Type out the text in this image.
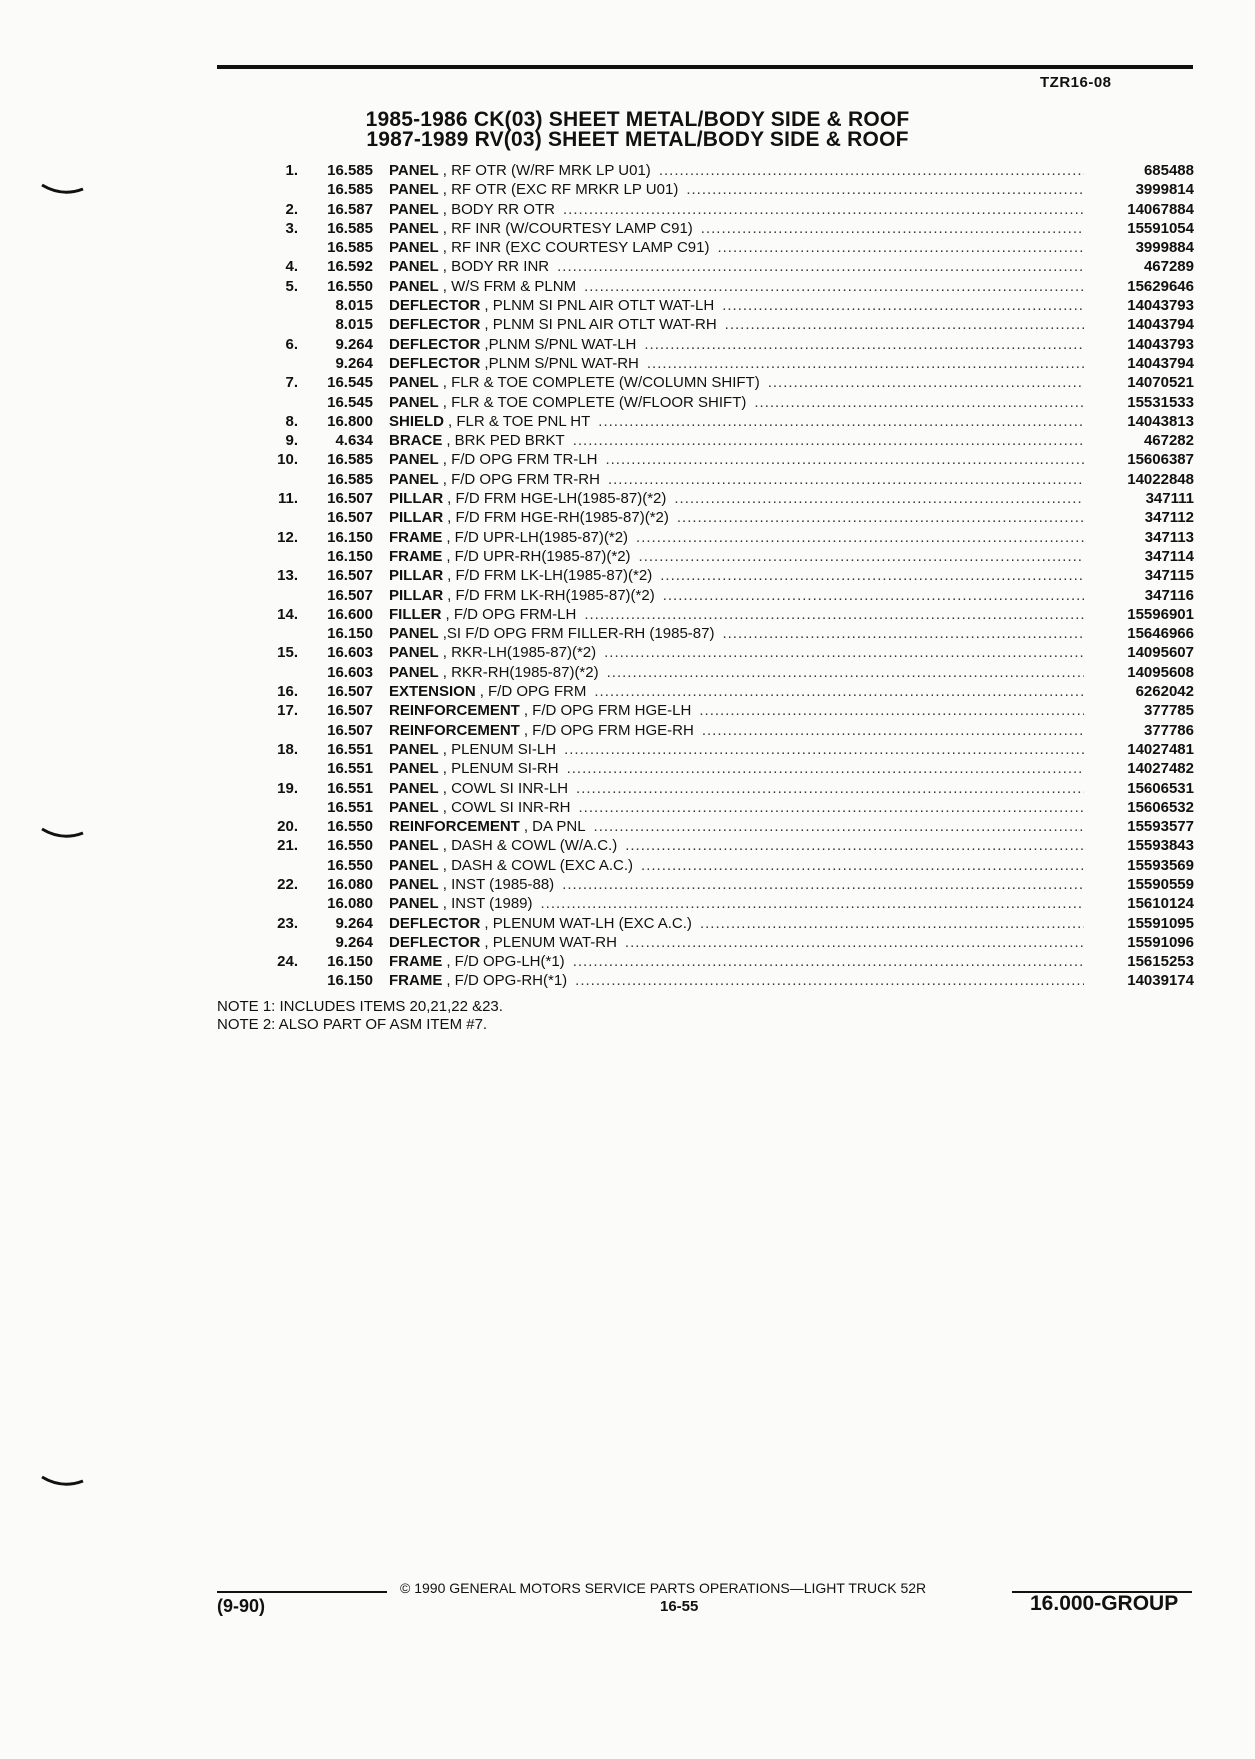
TZR16-08
1985-1986 CK(03) SHEET METAL/BODY SIDE & ROOF
1987-1989 RV(03) SHEET METAL/BODY SIDE & ROOF
1. 16.585 PANEL , RF OTR (W/RF MRK LP U01) .....	685488
16.585 PANEL , RF OTR (EXC RF MRKR LP U01) .....	3999814
2. 16.587 PANEL , BODY RR OTR .....	14067884
3. 16.585 PANEL , RF INR (W/COURTESY LAMP C91) .....	15591054
16.585 PANEL , RF INR (EXC COURTESY LAMP C91) .....	3999884
4. 16.592 PANEL , BODY RR INR .....	467289
5. 16.550 PANEL , W/S FRM & PLNM .....	15629646
8.015 DEFLECTOR , PLNM SI PNL AIR OTLT WAT-LH .....	14043793
8.015 DEFLECTOR , PLNM SI PNL AIR OTLT WAT-RH .....	14043794
6. 9.264 DEFLECTOR ,PLNM S/PNL WAT-LH .....	14043793
9.264 DEFLECTOR ,PLNM S/PNL WAT-RH .....	14043794
7. 16.545 PANEL , FLR & TOE COMPLETE (W/COLUMN SHIFT) .....	14070521
16.545 PANEL , FLR & TOE COMPLETE (W/FLOOR SHIFT) .....	15531533
8. 16.800 SHIELD , FLR & TOE PNL HT .....	14043813
9. 4.634 BRACE , BRK PED BRKT .....	467282
10. 16.585 PANEL , F/D OPG FRM TR-LH .....	15606387
16.585 PANEL , F/D OPG FRM TR-RH .....	14022848
11. 16.507 PILLAR , F/D FRM HGE-LH(1985-87)(*2) .....	347111
16.507 PILLAR , F/D FRM HGE-RH(1985-87)(*2) .....	347112
12. 16.150 FRAME , F/D UPR-LH(1985-87)(*2) .....	347113
16.150 FRAME , F/D UPR-RH(1985-87)(*2) .....	347114
13. 16.507 PILLAR , F/D FRM LK-LH(1985-87)(*2) .....	347115
16.507 PILLAR , F/D FRM LK-RH(1985-87)(*2) .....	347116
14. 16.600 FILLER , F/D OPG FRM-LH .....	15596901
16.150 PANEL ,SI F/D OPG FRM FILLER-RH (1985-87) .....	15646966
15. 16.603 PANEL , RKR-LH(1985-87)(*2) .....	14095607
16.603 PANEL , RKR-RH(1985-87)(*2) .....	14095608
16. 16.507 EXTENSION , F/D OPG FRM .....	6262042
17. 16.507 REINFORCEMENT , F/D OPG FRM HGE-LH .....	377785
16.507 REINFORCEMENT , F/D OPG FRM HGE-RH .....	377786
18. 16.551 PANEL , PLENUM SI-LH .....	14027481
16.551 PANEL , PLENUM SI-RH .....	14027482
19. 16.551 PANEL , COWL SI INR-LH .....	15606531
16.551 PANEL , COWL SI INR-RH .....	15606532
20. 16.550 REINFORCEMENT , DA PNL .....	15593577
21. 16.550 PANEL , DASH & COWL (W/A.C.) .....	15593843
16.550 PANEL , DASH & COWL (EXC A.C.) .....	15593569
22. 16.080 PANEL , INST (1985-88) .....	15590559
16.080 PANEL , INST (1989) .....	15610124
23. 9.264 DEFLECTOR , PLENUM WAT-LH (EXC A.C.) .....	15591095
9.264 DEFLECTOR , PLENUM WAT-RH .....	15591096
24. 16.150 FRAME , F/D OPG-LH(*1) .....	15615253
16.150 FRAME , F/D OPG-RH(*1) .....	14039174
NOTE 1: INCLUDES ITEMS 20,21,22 &23.
NOTE 2: ALSO PART OF ASM ITEM #7.
© 1990 GENERAL MOTORS SERVICE PARTS OPERATIONS—LIGHT TRUCK 52R
(9-90)	16-55	16.000-GROUP
